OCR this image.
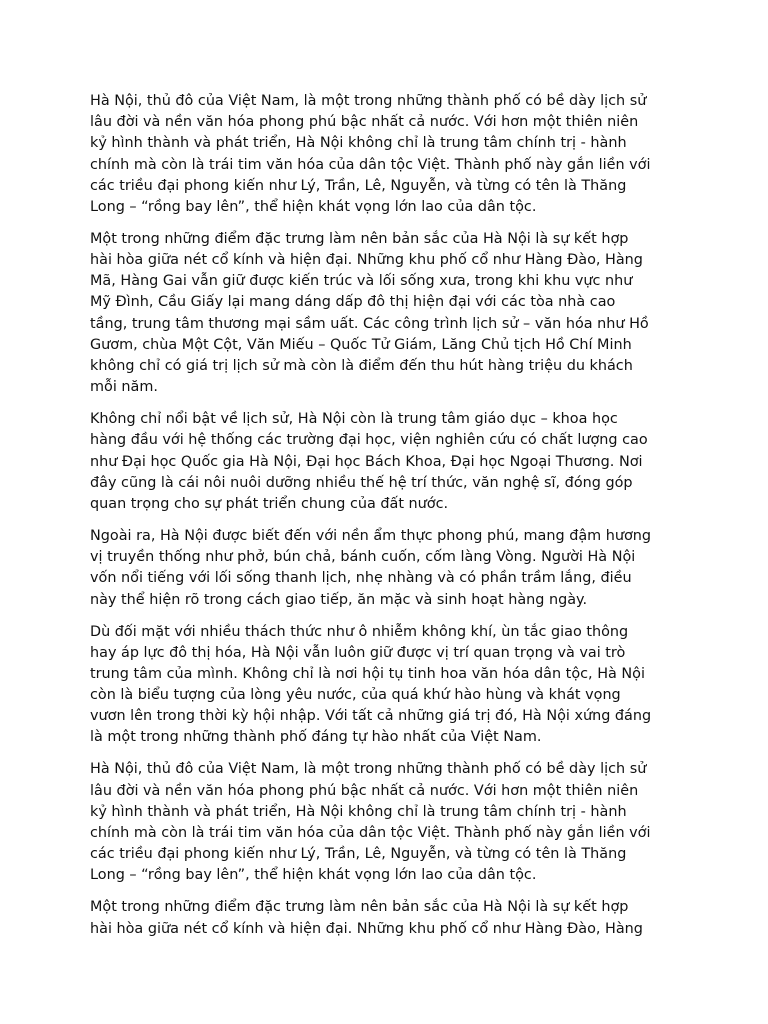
Hà Nội, thủ đô của Việt Nam, là một trong những thành phố có bề dày lịch sử
lâu đời và nền văn hóa phong phú bậc nhất cả nước. Với hơn một thiên niên
kỷ hình thành và phát triển, Hà Nội không chỉ là trung tâm chính trị - hành
chính mà còn là trái tim văn hóa của dân tộc Việt. Thành phố này gắn liền với
các triều đại phong kiến như Lý, Trần, Lê, Nguyễn, và từng có tên là Thăng
Long – “rồng bay lên”, thể hiện khát vọng lớn lao của dân tộc.

Một trong những điểm đặc trưng làm nên bản sắc của Hà Nội là sự kết hợp
hài hòa giữa nét cổ kính và hiện đại. Những khu phố cổ như Hàng Đào, Hàng
Mã, Hàng Gai vẫn giữ được kiến trúc và lối sống xưa, trong khi khu vực như
Mỹ Đình, Cầu Giấy lại mang dáng dấp đô thị hiện đại với các tòa nhà cao
tầng, trung tâm thương mại sầm uất. Các công trình lịch sử – văn hóa như Hồ
Gươm, chùa Một Cột, Văn Miếu – Quốc Tử Giám, Lăng Chủ tịch Hồ Chí Minh
không chỉ có giá trị lịch sử mà còn là điểm đến thu hút hàng triệu du khách
mỗi năm.

Không chỉ nổi bật về lịch sử, Hà Nội còn là trung tâm giáo dục – khoa học
hàng đầu với hệ thống các trường đại học, viện nghiên cứu có chất lượng cao
như Đại học Quốc gia Hà Nội, Đại học Bách Khoa, Đại học Ngoại Thương. Nơi
đây cũng là cái nôi nuôi dưỡng nhiều thế hệ trí thức, văn nghệ sĩ, đóng góp
quan trọng cho sự phát triển chung của đất nước.

Ngoài ra, Hà Nội được biết đến với nền ẩm thực phong phú, mang đậm hương
vị truyền thống như phở, bún chả, bánh cuốn, cốm làng Vòng. Người Hà Nội
vốn nổi tiếng với lối sống thanh lịch, nhẹ nhàng và có phần trầm lắng, điều
này thể hiện rõ trong cách giao tiếp, ăn mặc và sinh hoạt hàng ngày.

Dù đối mặt với nhiều thách thức như ô nhiễm không khí, ùn tắc giao thông
hay áp lực đô thị hóa, Hà Nội vẫn luôn giữ được vị trí quan trọng và vai trò
trung tâm của mình. Không chỉ là nơi hội tụ tinh hoa văn hóa dân tộc, Hà Nội
còn là biểu tượng của lòng yêu nước, của quá khứ hào hùng và khát vọng
vươn lên trong thời kỳ hội nhập. Với tất cả những giá trị đó, Hà Nội xứng đáng
là một trong những thành phố đáng tự hào nhất của Việt Nam.

Hà Nội, thủ đô của Việt Nam, là một trong những thành phố có bề dày lịch sử
lâu đời và nền văn hóa phong phú bậc nhất cả nước. Với hơn một thiên niên
kỷ hình thành và phát triển, Hà Nội không chỉ là trung tâm chính trị - hành
chính mà còn là trái tim văn hóa của dân tộc Việt. Thành phố này gắn liền với
các triều đại phong kiến như Lý, Trần, Lê, Nguyễn, và từng có tên là Thăng
Long – “rồng bay lên”, thể hiện khát vọng lớn lao của dân tộc.

Một trong những điểm đặc trưng làm nên bản sắc của Hà Nội là sự kết hợp
hài hòa giữa nét cổ kính và hiện đại. Những khu phố cổ như Hàng Đào, Hàng
